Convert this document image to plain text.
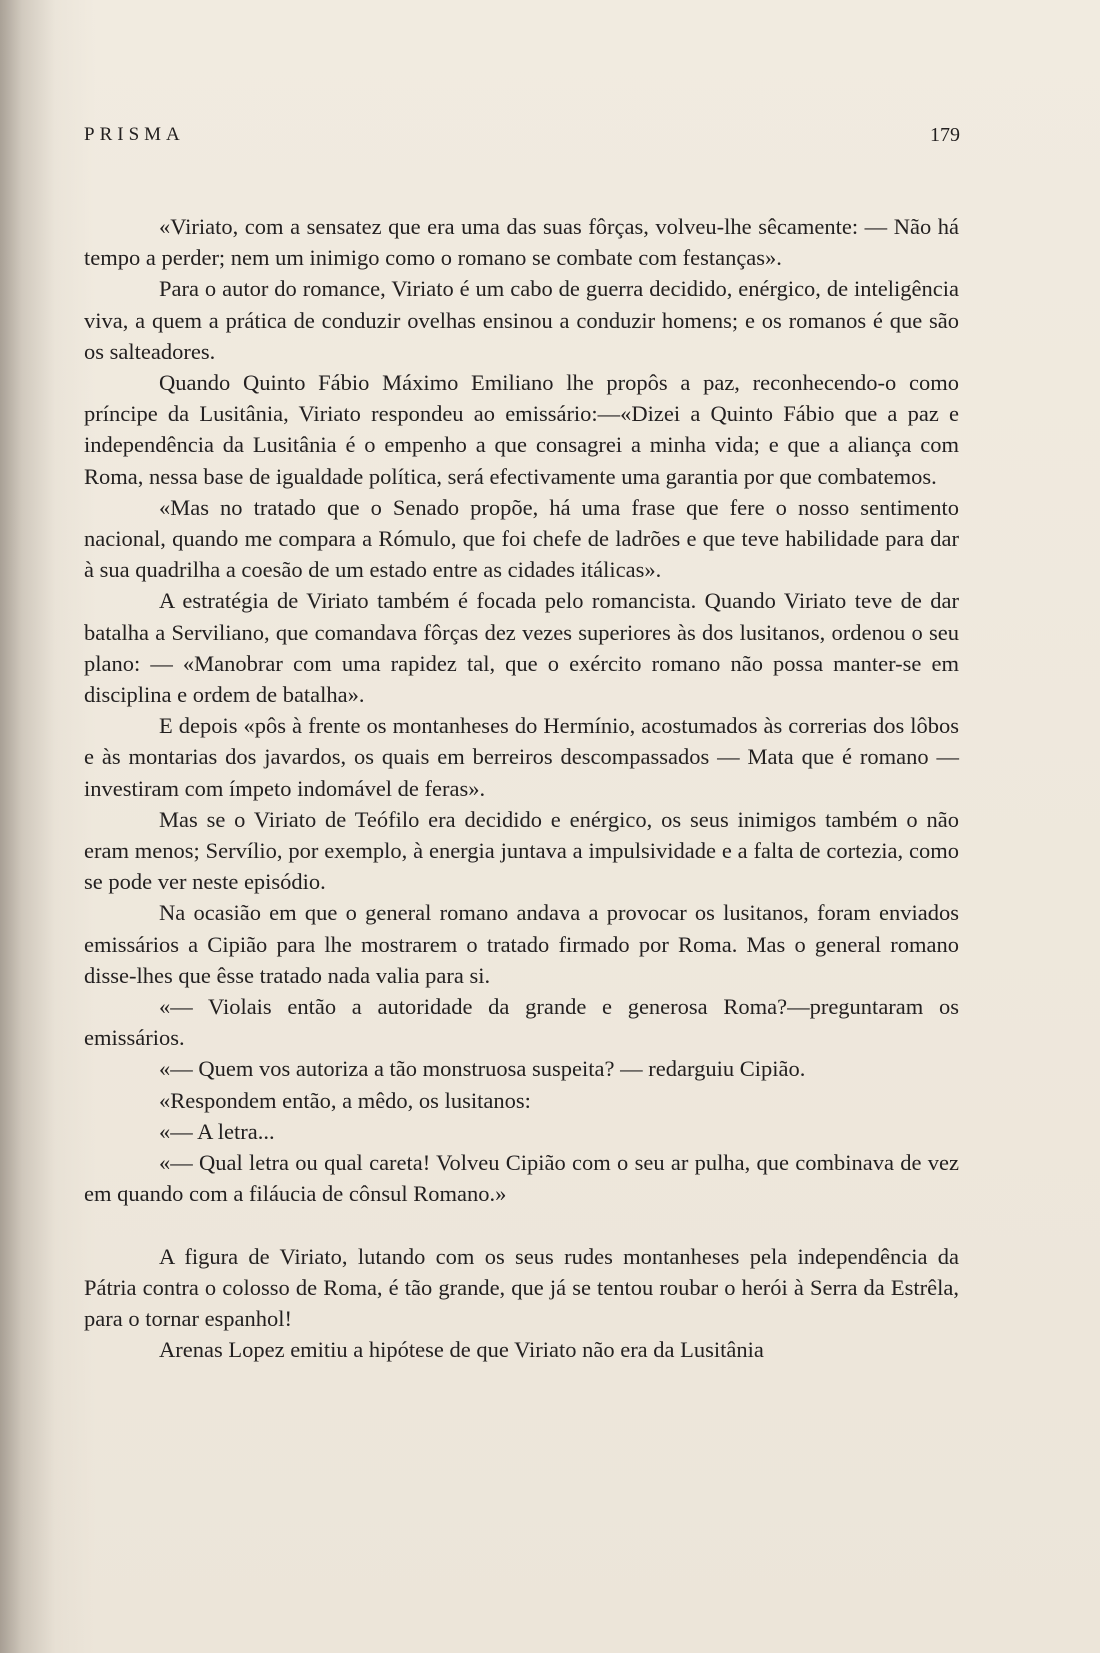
PRISMA	179

«Viriato, com a sensatez que era uma das suas fôrças, volveu-lhe sêcamente: — Não há tempo a perder; nem um inimigo como o romano se combate com festanças».

Para o autor do romance, Viriato é um cabo de guerra decidido, enérgico, de inteligência viva, a quem a prática de conduzir ovelhas ensinou a conduzir homens; e os romanos é que são os salteadores.

Quando Quinto Fábio Máximo Emiliano lhe propôs a paz, reconhecendo-o como príncipe da Lusitânia, Viriato respondeu ao emissário:—«Dizei a Quinto Fábio que a paz e independência da Lusitânia é o empenho a que consagrei a minha vida; e que a aliança com Roma, nessa base de igualdade política, será efectivamente uma garantia por que combatemos.

«Mas no tratado que o Senado propõe, há uma frase que fere o nosso sentimento nacional, quando me compara a Rómulo, que foi chefe de ladrões e que teve habilidade para dar à sua quadrilha a coesão de um estado entre as cidades itálicas».

A estratégia de Viriato também é focada pelo romancista. Quando Viriato teve de dar batalha a Serviliano, que comandava fôrças dez vezes superiores às dos lusitanos, ordenou o seu plano: — «Manobrar com uma rapidez tal, que o exército romano não possa manter-se em disciplina e ordem de batalha».

E depois «pôs à frente os montanheses do Hermínio, acostumados às correrias dos lôbos e às montarias dos javardos, os quais em berreiros descompassados — Mata que é romano — investiram com ímpeto indomável de feras».

Mas se o Viriato de Teófilo era decidido e enérgico, os seus inimigos também o não eram menos; Servílio, por exemplo, à energia juntava a impulsividade e a falta de cortezia, como se pode ver neste episódio.

Na ocasião em que o general romano andava a provocar os lusitanos, foram enviados emissários a Cipião para lhe mostrarem o tratado firmado por Roma. Mas o general romano disse-lhes que êsse tratado nada valia para si.

«— Violais então a autoridade da grande e generosa Roma?—preguntaram os emissários.

«— Quem vos autoriza a tão monstruosa suspeita? — redarguiu Cipião.

«Respondem então, a mêdo, os lusitanos:

«— A letra...

«— Qual letra ou qual careta! Volveu Cipião com o seu ar pulha, que combinava de vez em quando com a filáucia de cônsul Romano.»

A figura de Viriato, lutando com os seus rudes montanheses pela independência da Pátria contra o colosso de Roma, é tão grande, que já se tentou roubar o herói à Serra da Estrêla, para o tornar espanhol!

Arenas Lopez emitiu a hipótese de que Viriato não era da Lusitânia
